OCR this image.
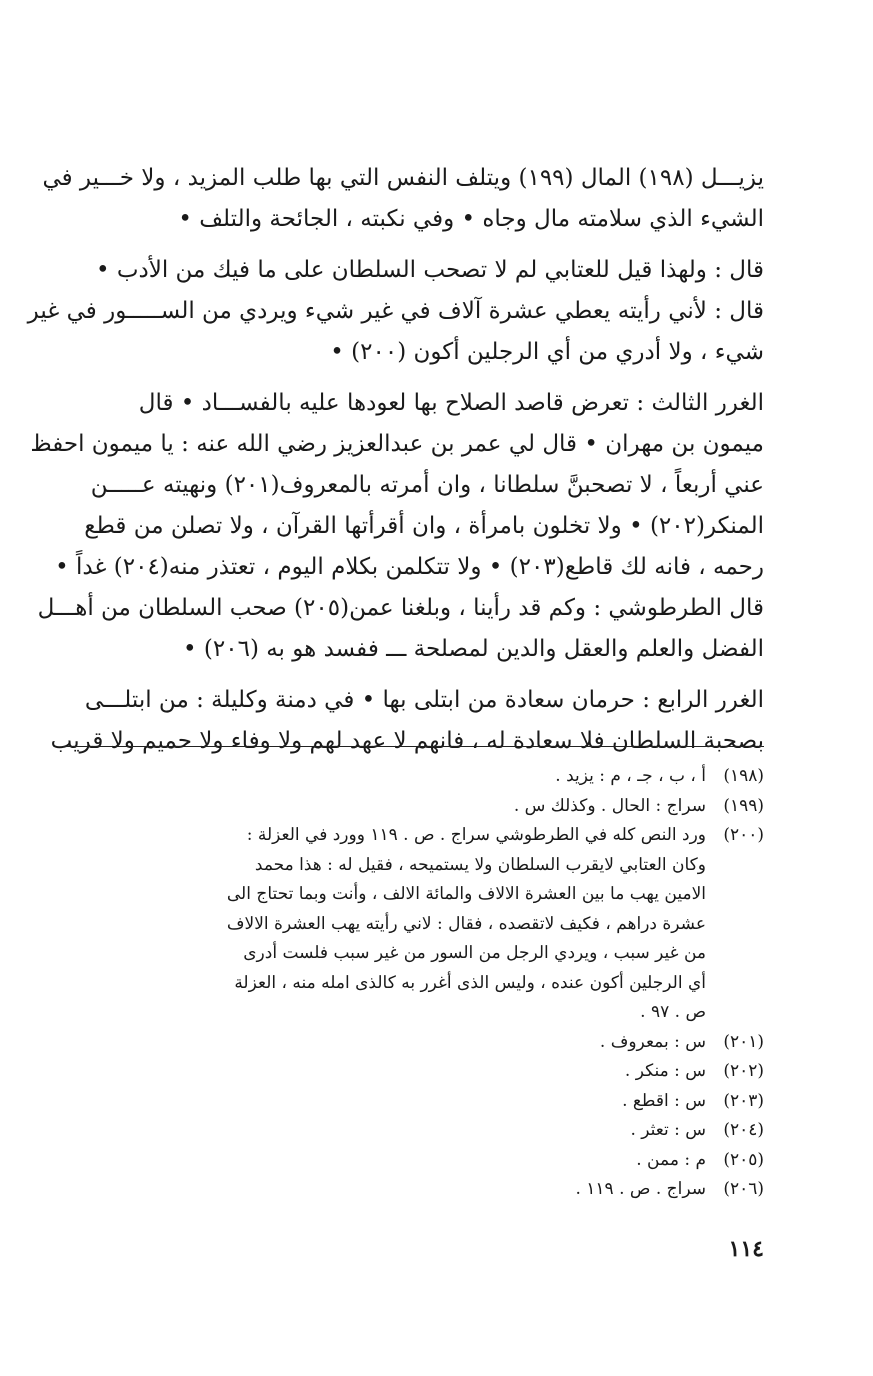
يزيـــل (١٩٨) المال (١٩٩) ويتلف النفس التي بها طلب المزيد ، ولا خـــير في
الشيء الذي سلامته مال وجاه • وفي نكبته ، الجائحة والتلف •
قال : ولهذا قيل للعتابي لم لا تصحب السلطان على ما فيك من الأدب •
قال : لأني رأيته يعطي عشرة آلاف في غير شيء ويردي من الســـــور في غير
شيء ، ولا أدري من أي الرجلين أكون (٢٠٠) •
الغرر الثالث : تعرض قاصد الصلاح بها لعودها عليه بالفســـاد • قال
ميمون بن مهران • قال لي عمر بن عبدالعزيز رضي الله عنه : يا ميمون احفظ
عني أربعاً ، لا تصحبنَّ سلطانا ، وان أمرته بالمعروف(٢٠١) ونهيته عـــــن
المنكر(٢٠٢) • ولا تخلون بامرأة ، وان أقرأتها القرآن ، ولا تصلن من قطع
رحمه ، فانه لك قاطع(٢٠٣) • ولا تتكلمن بكلام اليوم ، تعتذر منه(٢٠٤) غداً •
قال الطرطوشي : وكم قد رأينا ، وبلغنا عمن(٢٠٥) صحب السلطان من أهـــل
الفضل والعلم والعقل والدين لمصلحة ـــ ففسد هو به (٢٠٦) •
الغرر الرابع : حرمان سعادة من ابتلى بها • في دمنة وكليلة : من ابتلـــى
بصحبة السلطان فلا سعادة له ، فانهم لا عهد لهم ولا وفاء ولا حميم ولا قريب
(١٩٨)
أ ، ب ، جـ ، م : يزيد .
(١٩٩)
سراج : الحال . وكذلك س .
(٢٠٠)
ورد النص كله في الطرطوشي سراج . ص . ١١٩ وورد في العزلة :
وكان العتابي لايقرب السلطان ولا يستميحه ، فقيل له : هذا محمد
الامين يهب ما بين العشرة الالاف والمائة الالف ، وأنت وبما تحتاج الى
عشرة دراهم ، فكيف لاتقصده ، فقال : لاني رأيته يهب العشرة الالاف
من غير سبب ، ويردي الرجل من السور من غير سبب فلست أدرى
أي الرجلين أكون عنده ، وليس الذى أغرر به كالذى امله منه ، العزلة
ص . ٩٧ .
(٢٠١)
س : بمعروف .
(٢٠٢)
س : منكر .
(٢٠٣)
س : اقطع .
(٢٠٤)
س : تعثر .
(٢٠٥)
م : ممن .
(٢٠٦)
سراج . ص . ١١٩ .
١١٤
